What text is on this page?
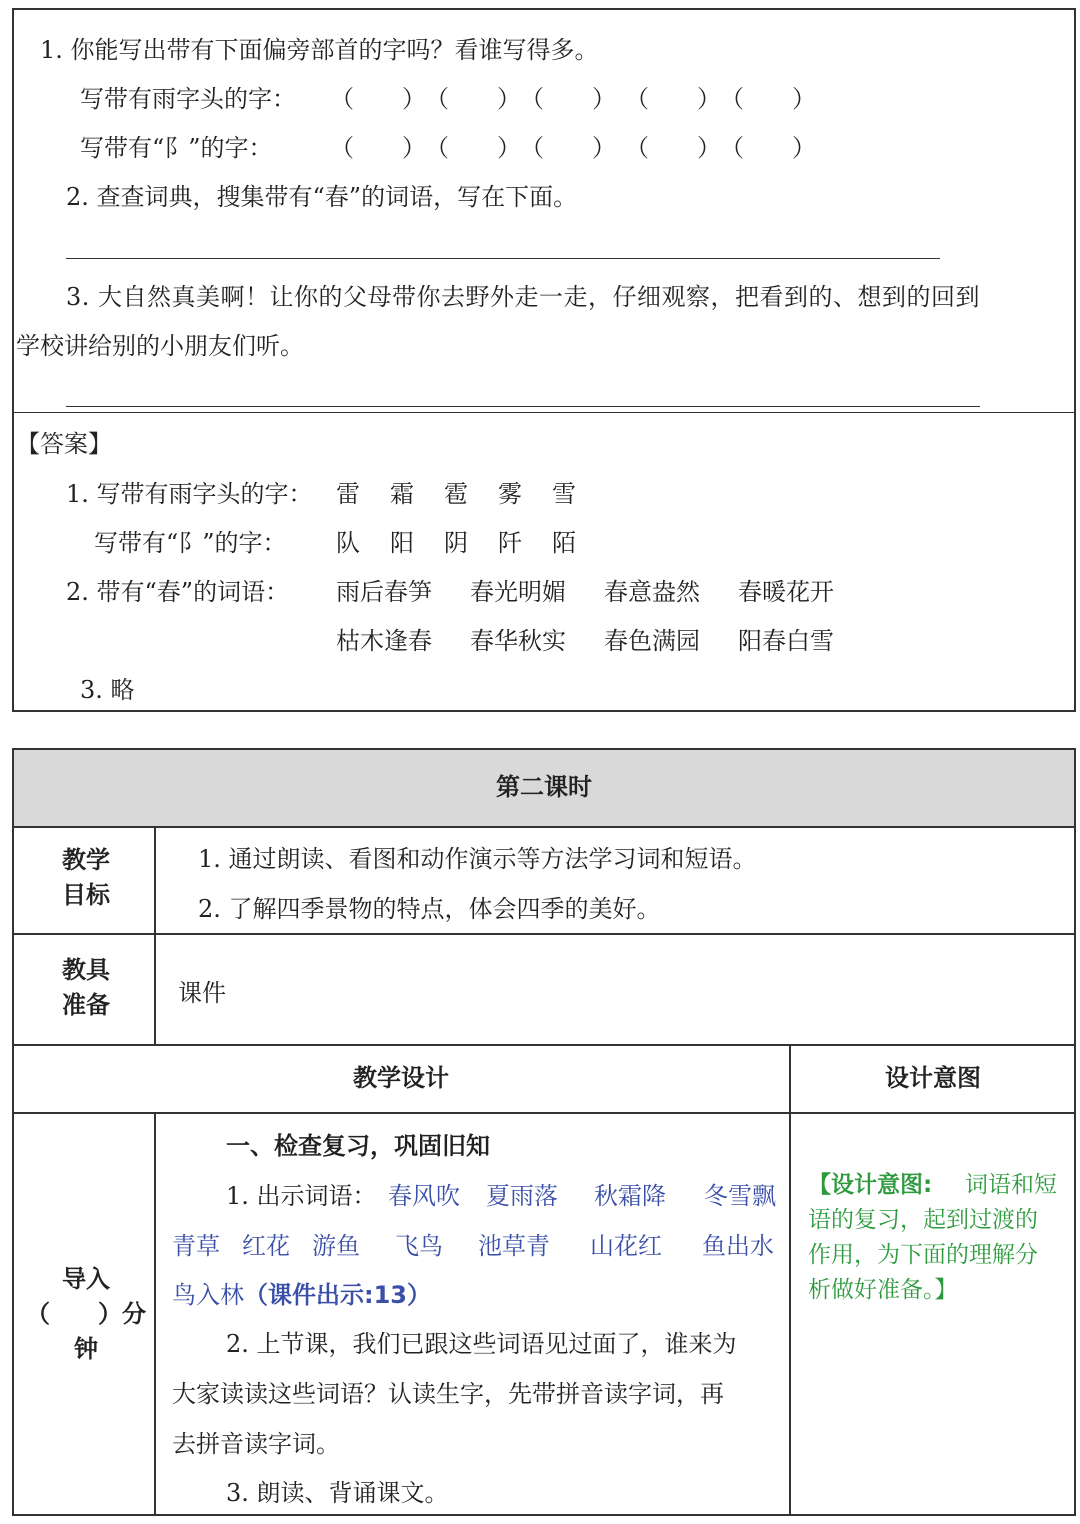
1. 你能写出带有下面偏旁部首的字吗？看谁写得多。
写带有雨字头的字： （　　） （　　） （　　） （　　） （　　）
写带有“阝”的字： （　　） （　　） （　　） （　　） （　　）
2. 查查词典，搜集带有“春”的词语，写在下面。
3. 大自然真美啊！让你的父母带你去野外走一走，仔细观察，把看到的、想到的回到
学校讲给别的小朋友们听。
【答案】
1. 写带有雨字头的字： 雷 霜 雹 雾 雪
写带有“阝”的字： 队 阳 阴 阡 陌
2. 带有“春”的词语： 雨后春笋 春光明媚 春意盎然 春暖花开
枯木逢春 春华秋实 春色满园 阳春白雪
3. 略
第二课时
教学
目标
1. 通过朗读、看图和动作演示等方法学习词和短语。
2. 了解四季景物的特点，体会四季的美好。
教具
准备	课件
教学设计	设计意图
导入
（　　）分
钟
一、检查复习，巩固旧知
1. 出示词语： 春风吹 夏雨落 秋霜降 冬雪飘
青草 红花 游鱼 飞鸟 池草青 山花红 鱼出水
鸟入林 （课件出示:13）
2. 上节课，我们已跟这些词语见过面了，谁来为
大家读读这些词语？认读生字，先带拼音读字词，再
去拼音读字词。
3. 朗读、背诵课文。
【设计意图: 词语和短
语的复习，起到过渡的
作用，为下面的理解分
析做好准备。】
